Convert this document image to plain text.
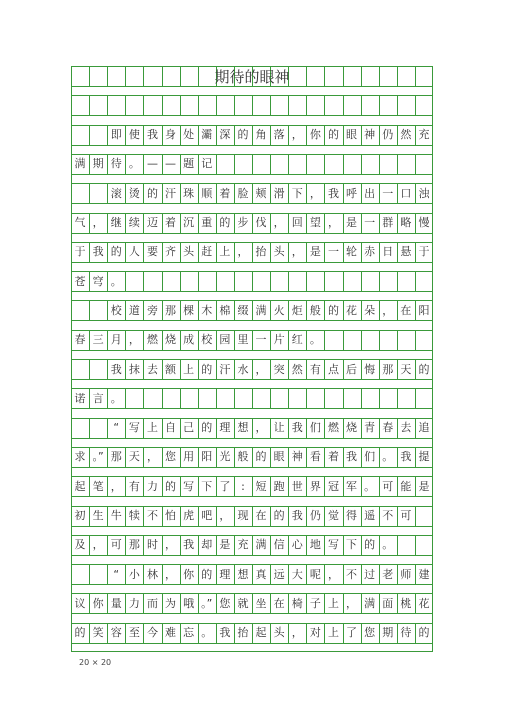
即 使 我 身 处 灞 深 的 角 落 ， 你 的 眼 神 仍 然 充
满 期 待 。 — — 题 记
滚 烫 的 汗 珠 顺 着 脸 颊 滑 下 ， 我 呼 出 一 口 浊
气 ， 继 续 迈 着 沉 重 的 步 伐 ， 回 望 ， 是 一 群 略 慢
于 我 的 人 要 齐 头 赶 上 ， 抬 头 ， 是 一 轮 赤 日 悬 于
苍 穹 。
校 道 旁 那 棵 木 棉 缀 满 火 炬 般 的 花 朵 ， 在 阳
春 三 月 ， 燃 烧 成 校 园 里 一 片 红 。
我 抹 去 额 上 的 汗 水 ， 突 然 有 点 后 悔 那 天 的
诺 言 。
“ 写 上 自 己 的 理 想 ， 让 我 们 燃 烧 青 春 去 追
求 。” 那 天 ， 您 用 阳 光 般 的 眼 神 看 着 我 们 。 我 提
起 笔 ， 有 力 的 写 下 了 : 短 跑 世 界 冠 军 。 可 能 是
初 生 牛 犊 不 怕 虎 吧 ， 现 在 的 我 仍 觉 得 遥 不 可
及 ， 可 那 时 ， 我 却 是 充 满 信 心 地 写 下 的 。
“ 小 林 ， 你 的 理 想 真 远 大 呢 ， 不 过 老 师 建
议 你 量 力 而 为 哦 。” 您 就 坐 在 椅 子 上 ， 满 面 桃 花
的 笑 容 至 今 难 忘 。 我 抬 起 头 ， 对 上 了 您 期 待 的
期待的眼神
20 × 20
